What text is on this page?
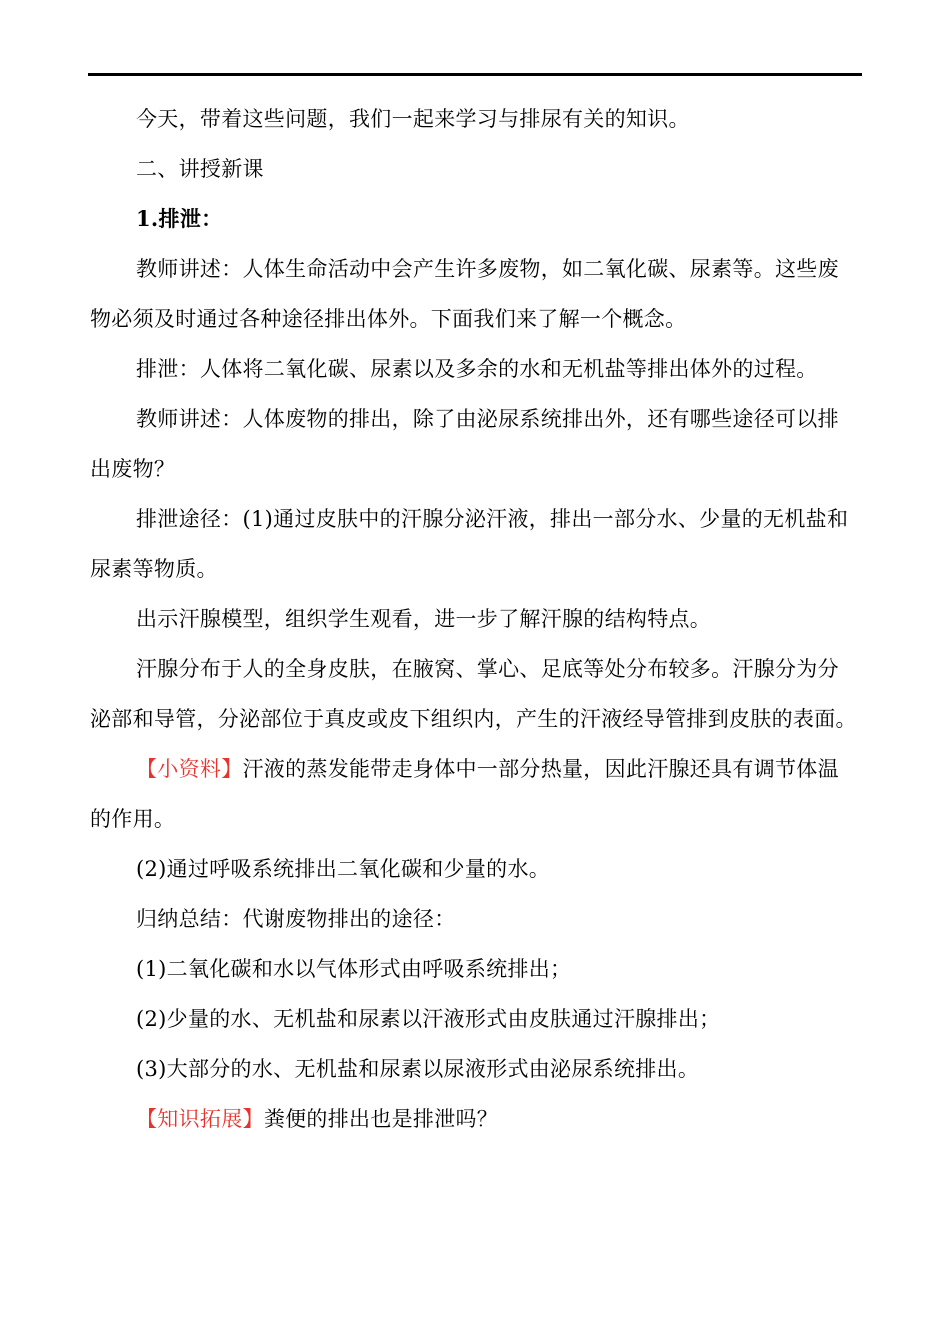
今天，带着这些问题，我们一起来学习与排尿有关的知识。

二、讲授新课

1.排泄：

教师讲述：人体生命活动中会产生许多废物，如二氧化碳、尿素等。这些废物必须及时通过各种途径排出体外。下面我们来了解一个概念。

排泄：人体将二氧化碳、尿素以及多余的水和无机盐等排出体外的过程。

教师讲述：人体废物的排出，除了由泌尿系统排出外，还有哪些途径可以排出废物？

排泄途径：(1)通过皮肤中的汗腺分泌汗液，排出一部分水、少量的无机盐和尿素等物质。

出示汗腺模型，组织学生观看，进一步了解汗腺的结构特点。

汗腺分布于人的全身皮肤，在腋窝、掌心、足底等处分布较多。汗腺分为分泌部和导管，分泌部位于真皮或皮下组织内，产生的汗液经导管排到皮肤的表面。

【小资料】汗液的蒸发能带走身体中一部分热量，因此汗腺还具有调节体温的作用。

(2)通过呼吸系统排出二氧化碳和少量的水。

归纳总结：代谢废物排出的途径：

(1)二氧化碳和水以气体形式由呼吸系统排出；

(2)少量的水、无机盐和尿素以汗液形式由皮肤通过汗腺排出；

(3)大部分的水、无机盐和尿素以尿液形式由泌尿系统排出。

【知识拓展】粪便的排出也是排泄吗？
